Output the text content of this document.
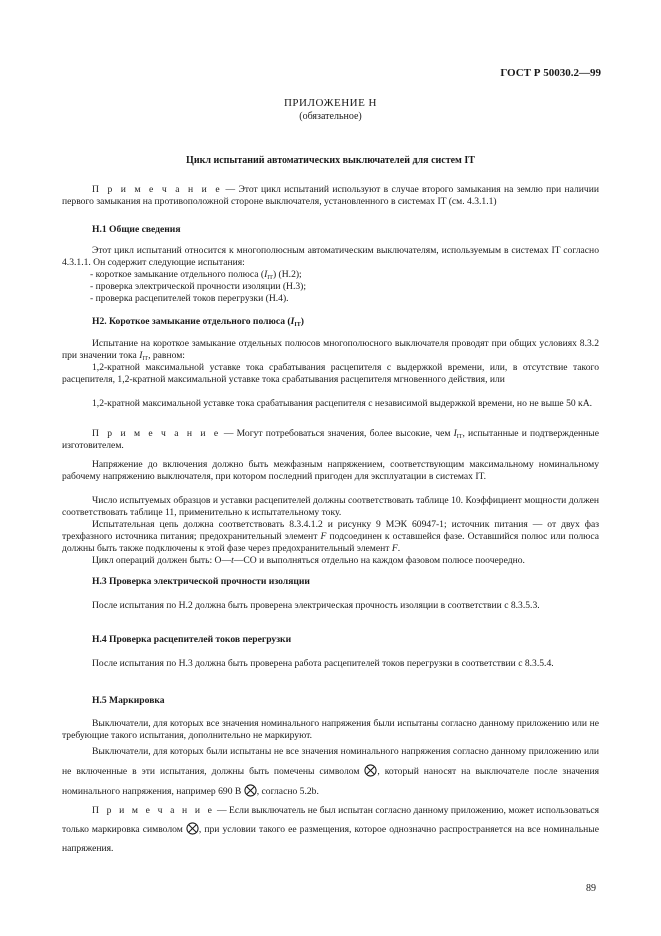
ГОСТ Р 50030.2—99
ПРИЛОЖЕНИЕ Н
(обязательное)
Цикл испытаний автоматических выключателей для систем IT

П р и м е ч а н и е — Этот цикл испытаний используют в случае второго замыкания на землю при наличии первого замыкания на противоположной стороне выключателя, установленного в системах IT (см. 4.3.1.1)

Н.1 Общие сведения

Этот цикл испытаний относится к многополюсным автоматическим выключателям, используемым в системах IT согласно 4.3.1.1. Он содержит следующие испытания:

- короткое замыкание отдельного полюса $(I_{IT})$ (Н.2);
- проверка электрической прочности изоляции (Н.3);
- проверка расцепителей токов перегрузки (Н.4).
Н2. Короткое замыкание отдельного полюса $(I_{IT})$

Испытание на короткое замыкание отдельных полюсов многополюсного выключателя проводят при общих условиях 8.3.2 при значении тока $I_{IT}$, равном:

1,2-кратной максимальной уставке тока срабатывания расцепителя с выдержкой времени, или, в отсутствие такого расцепителя, 1,2-кратной максимальной уставке тока срабатывания расцепителя мгновенного действия, или

1,2-кратной максимальной уставке тока срабатывания расцепителя с независимой выдержкой времени, но не выше 50 кА.

П р и м е ч а н и е — Могут потребоваться значения, более высокие, чем $I_{IT}$, испытанные и подтвержденные изготовителем.

Напряжение до включения должно быть межфазным напряжением, соответствующим максимальному номинальному рабочему напряжению выключателя, при котором последний пригоден для эксплуатации в системах IT.

Число испытуемых образцов и уставки расцепителей должны соответствовать таблице 10. Коэффициент мощности должен соответствовать таблице 11, применительно к испытательному току.

Испытательная цепь должна соответствовать 8.3.4.1.2 и рисунку 9 МЭК 60947-1; источник питания — от двух фаз трехфазного источника питания; предохранительный элемент F подсоединен к оставшейся фазе. Оставшийся полюс или полюса должны быть также подключены к этой фазе через предохранительный элемент F.

Цикл операций должен быть: О—t—СО и выполняться отдельно на каждом фазовом полюсе поочередно.

Н.3 Проверка электрической прочности изоляции

После испытания по Н.2 должна быть проверена электрическая прочность изоляции в соответствии с 8.3.5.3.

Н.4 Проверка расцепителей токов перегрузки

После испытания по Н.3 должна быть проверена работа расцепителей токов перегрузки в соответствии с 8.3.5.4.

Н.5 Маркировка

Выключатели, для которых все значения номинального напряжения были испытаны согласно данному приложению или не требующие такого испытания, дополнительно не маркируют.

Выключатели, для которых были испытаны не все значения номинального напряжения согласно данному приложению или не включенные в эти испытания, должны быть помечены символом
, который наносят на выключателе после значения номинального напряжения, например 690 В
, согласно 5.2b.

П р и м е ч а н и е — Если выключатель не был испытан согласно данному приложению, может использоваться только маркировка символом
, при условии такого ее размещения, которое однозначно распространяется на все номинальные напряжения.

89
